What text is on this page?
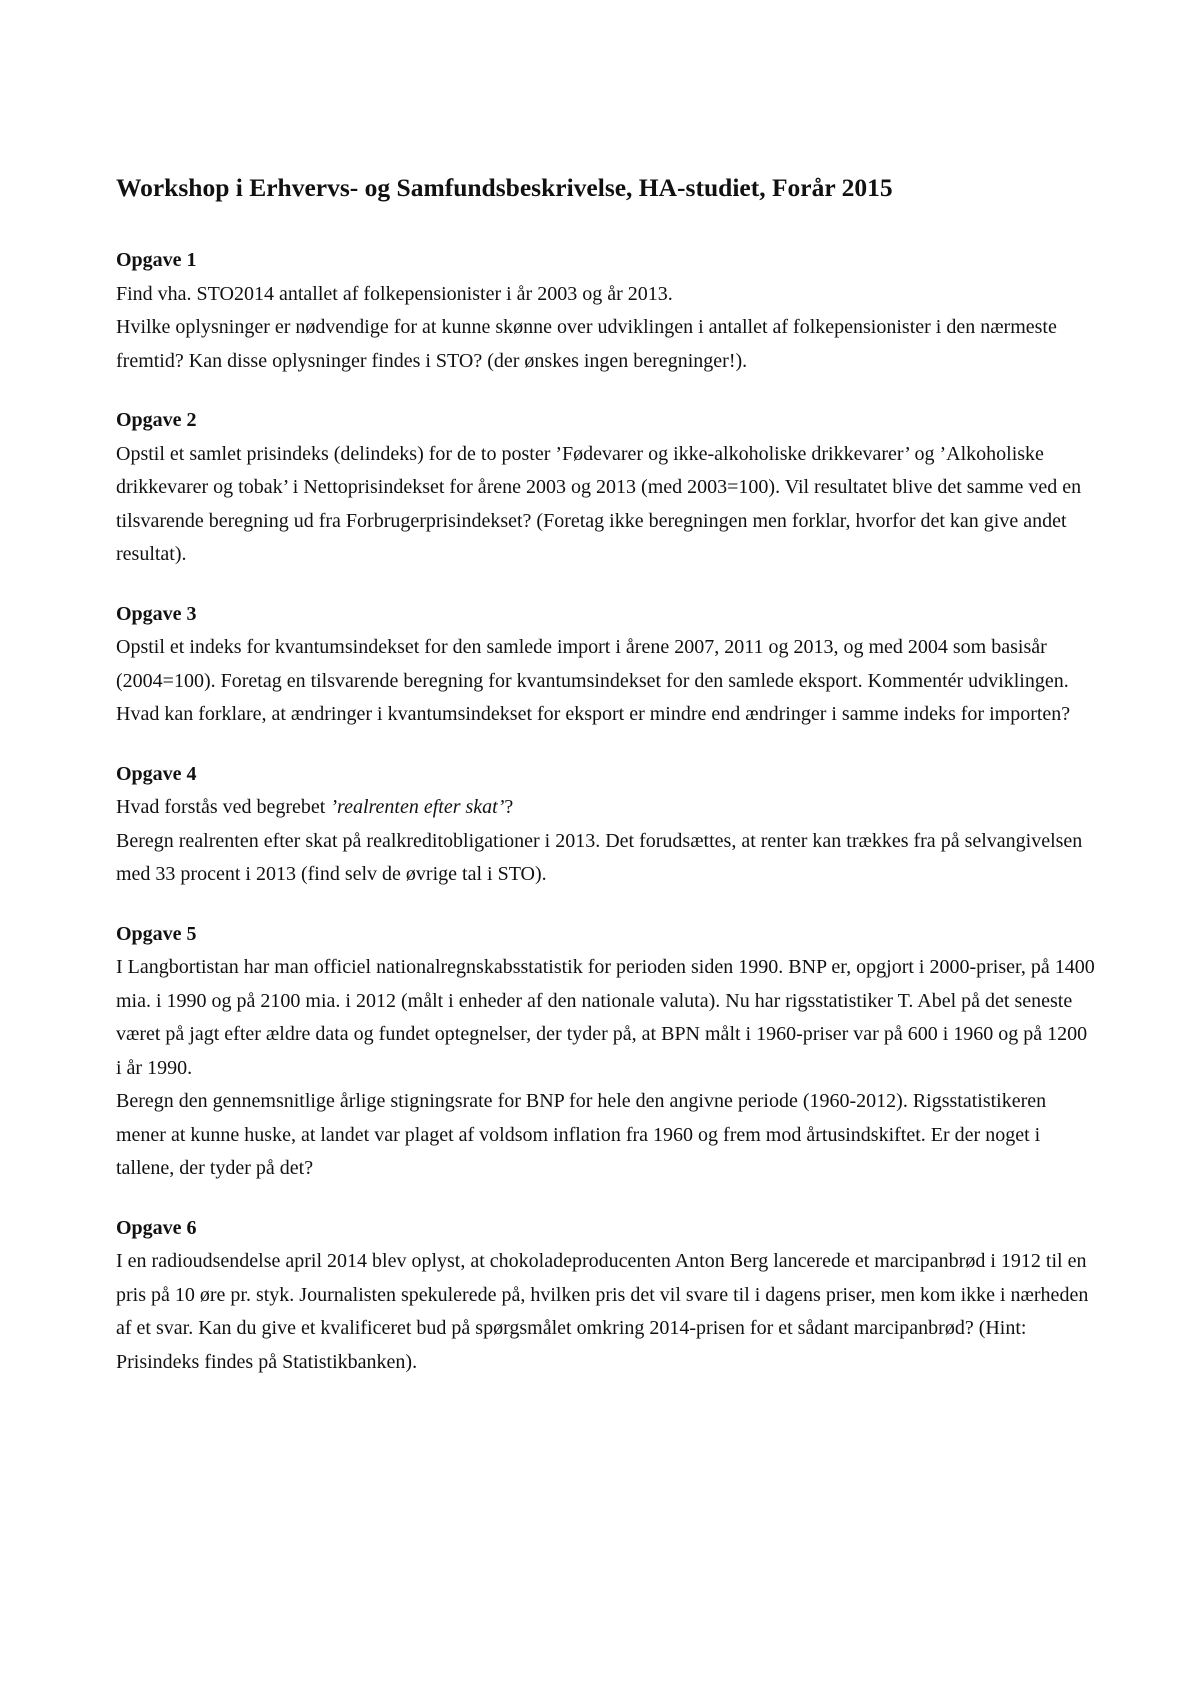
Workshop i Erhvervs- og Samfundsbeskrivelse, HA-studiet, Forår 2015
Opgave 1

Find vha. STO2014 antallet af folkepensionister i år 2003 og år 2013.

Hvilke oplysninger er nødvendige for at kunne skønne over udviklingen i antallet af folkepensionister i den nærmeste fremtid? Kan disse oplysninger findes i STO? (der ønskes ingen beregninger!).

Opgave 2

Opstil et samlet prisindeks (delindeks) for de to poster ’Fødevarer og ikke-alkoholiske drikkevarer’ og ’Alkoholiske drikkevarer og tobak’ i Nettoprisindekset for årene 2003 og 2013 (med 2003=100). Vil resultatet blive det samme ved en tilsvarende beregning ud fra Forbrugerprisindekset? (Foretag ikke beregningen men forklar, hvorfor det kan give andet resultat).

Opgave 3

Opstil et indeks for kvantumsindekset for den samlede import i årene 2007, 2011 og 2013, og med 2004 som basisår (2004=100). Foretag en tilsvarende beregning for kvantumsindekset for den samlede eksport. Kommentér udviklingen.

Hvad kan forklare, at ændringer i kvantumsindekset for eksport er mindre end ændringer i samme indeks for importen?

Opgave 4

Hvad forstås ved begrebet ’realrenten efter skat’?

Beregn realrenten efter skat på realkreditobligationer i 2013. Det forudsættes, at renter kan trækkes fra på selvangivelsen med 33 procent i 2013 (find selv de øvrige tal i STO).

Opgave 5

I Langbortistan har man officiel nationalregnskabsstatistik for perioden siden 1990. BNP er, opgjort i 2000-priser, på 1400 mia. i 1990 og på 2100 mia. i 2012 (målt i enheder af den nationale valuta). Nu har rigsstatistiker T. Abel på det seneste været på jagt efter ældre data og fundet optegnelser, der tyder på, at BPN målt i 1960-priser var på 600 i 1960 og på 1200 i år 1990.

Beregn den gennemsnitlige årlige stigningsrate for BNP for hele den angivne periode (1960-2012). Rigsstatistikeren mener at kunne huske, at landet var plaget af voldsom inflation fra 1960 og frem mod årtusindskiftet. Er der noget i tallene, der tyder på det?

Opgave 6

I en radioudsendelse april 2014 blev oplyst, at chokoladeproducenten Anton Berg lancerede et marcipanbrød i 1912 til en pris på 10 øre pr. styk. Journalisten spekulerede på, hvilken pris det vil svare til i dagens priser, men kom ikke i nærheden af et svar. Kan du give et kvalificeret bud på spørgsmålet omkring 2014-prisen for et sådant marcipanbrød? (Hint: Prisindeks findes på Statistikbanken).
